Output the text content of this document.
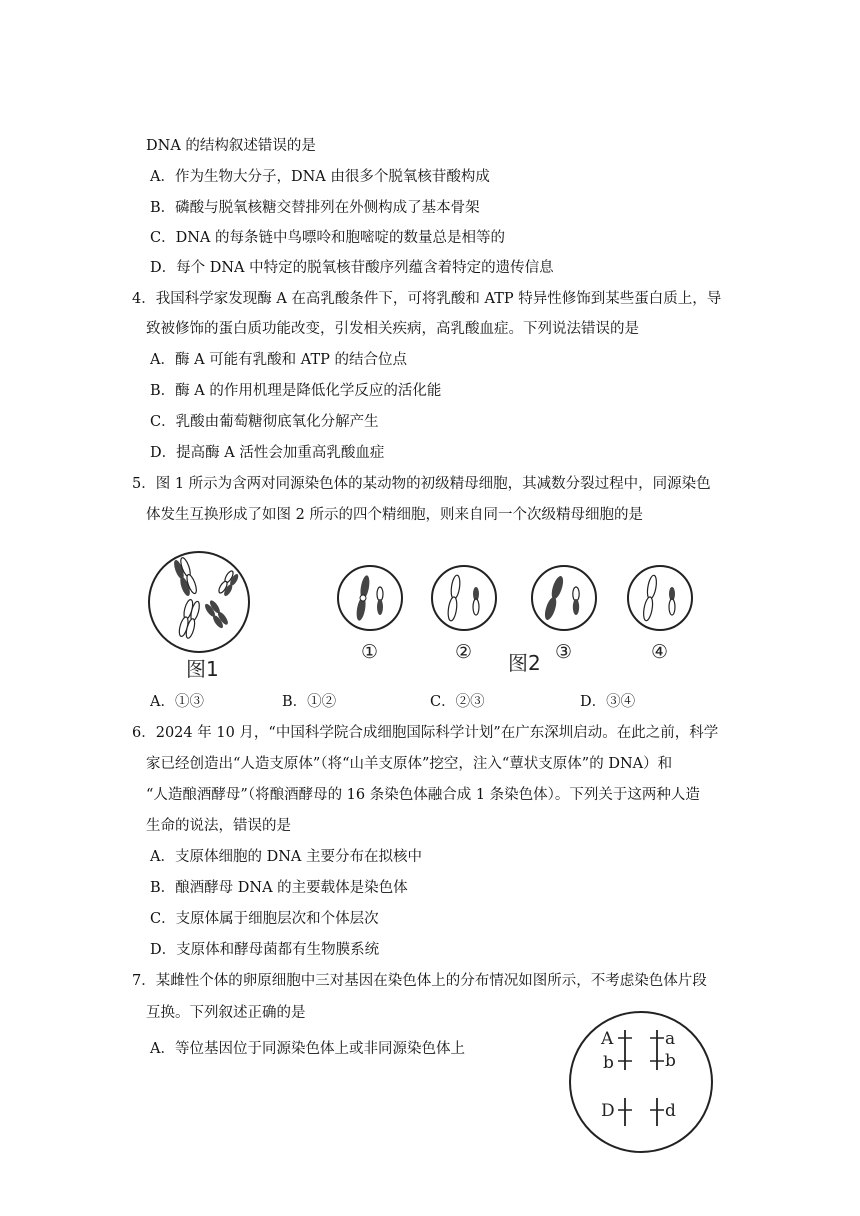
DNA 的结构叙述错误的是
A．作为生物大分子，DNA 由很多个脱氧核苷酸构成
B．磷酸与脱氧核糖交替排列在外侧构成了基本骨架
C．DNA 的每条链中鸟嘌呤和胞嘧啶的数量总是相等的
D．每个 DNA 中特定的脱氧核苷酸序列蕴含着特定的遗传信息
4．我国科学家发现酶 A 在高乳酸条件下，可将乳酸和 ATP 特异性修饰到某些蛋白质上，导
致被修饰的蛋白质功能改变，引发相关疾病，高乳酸血症。下列说法错误的是
A．酶 A 可能有乳酸和 ATP 的结合位点
B．酶 A 的作用机理是降低化学反应的活化能
C．乳酸由葡萄糖彻底氧化分解产生
D．提高酶 A 活性会加重高乳酸血症
5．图 1 所示为含两对同源染色体的某动物的初级精母细胞，其减数分裂过程中，同源染色
体发生互换形成了如图 2 所示的四个精细胞，则来自同一个次级精母细胞的是
图1
①	② 图2 ③	④
A．①③	B．①②	C．②③	D．③④
6．2024 年 10 月，“中国科学院合成细胞国际科学计划”在广东深圳启动。在此之前，科学
家已经创造出“人造支原体”（将“山羊支原体”挖空，注入“蕈状支原体”的 DNA）和
“人造酿酒酵母”（将酿酒酵母的 16 条染色体融合成 1 条染色体）。下列关于这两种人造
生命的说法，错误的是
A．支原体细胞的 DNA 主要分布在拟核中
B．酿酒酵母 DNA 的主要载体是染色体
C．支原体属于细胞层次和个体层次
D．支原体和酵母菌都有生物膜系统
7．某雌性个体的卵原细胞中三对基因在染色体上的分布情况如图所示，不考虑染色体片段
互换。下列叙述正确的是
A．等位基因位于同源染色体上或非同源染色体上	A
b
D
a
b
d
